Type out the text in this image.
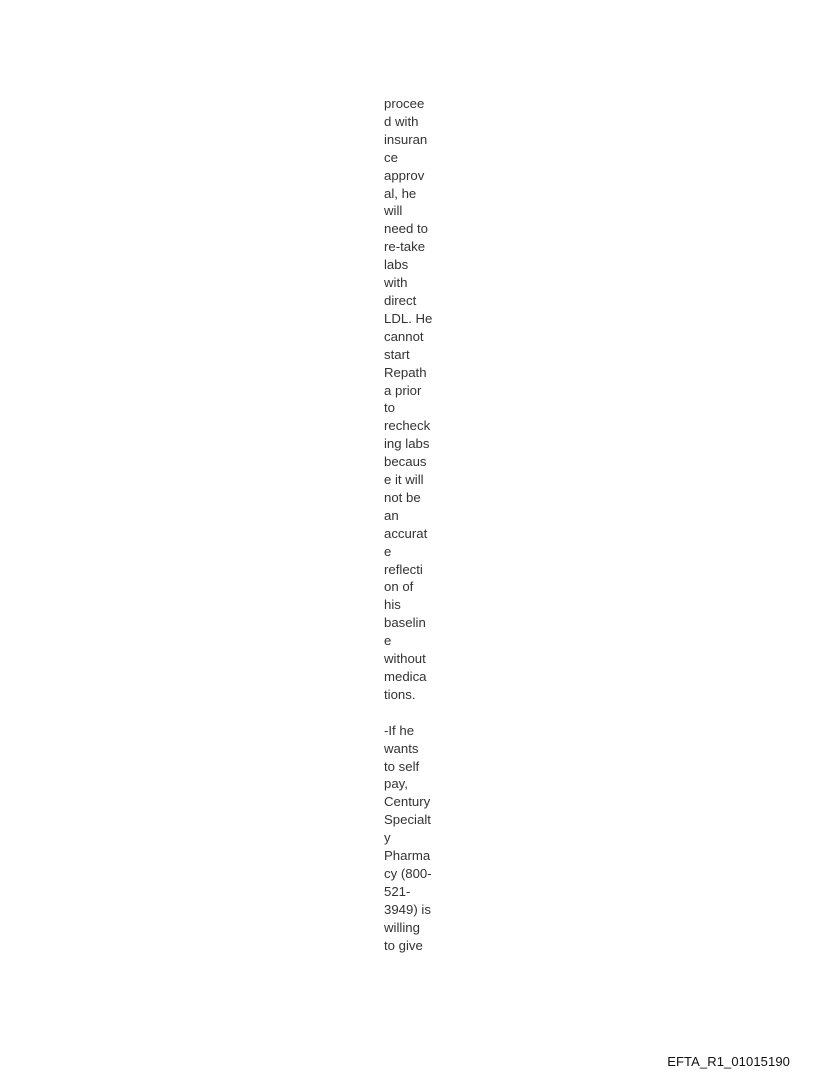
procee
d with
insuran
ce
approv
al, he
will
need to
re-take
labs
with
direct
LDL. He
cannot
start
Repath
a prior
to
recheck
ing labs
becaus
e it will
not be
an
accurat
e
reflecti
on of
his
baselin
e
without
medica
tions.
-If he
wants
to self
pay,
Century
Specialt
y
Pharma
cy (800-
521-
3949) is
willing
to give
EFTA_R1_01015190
